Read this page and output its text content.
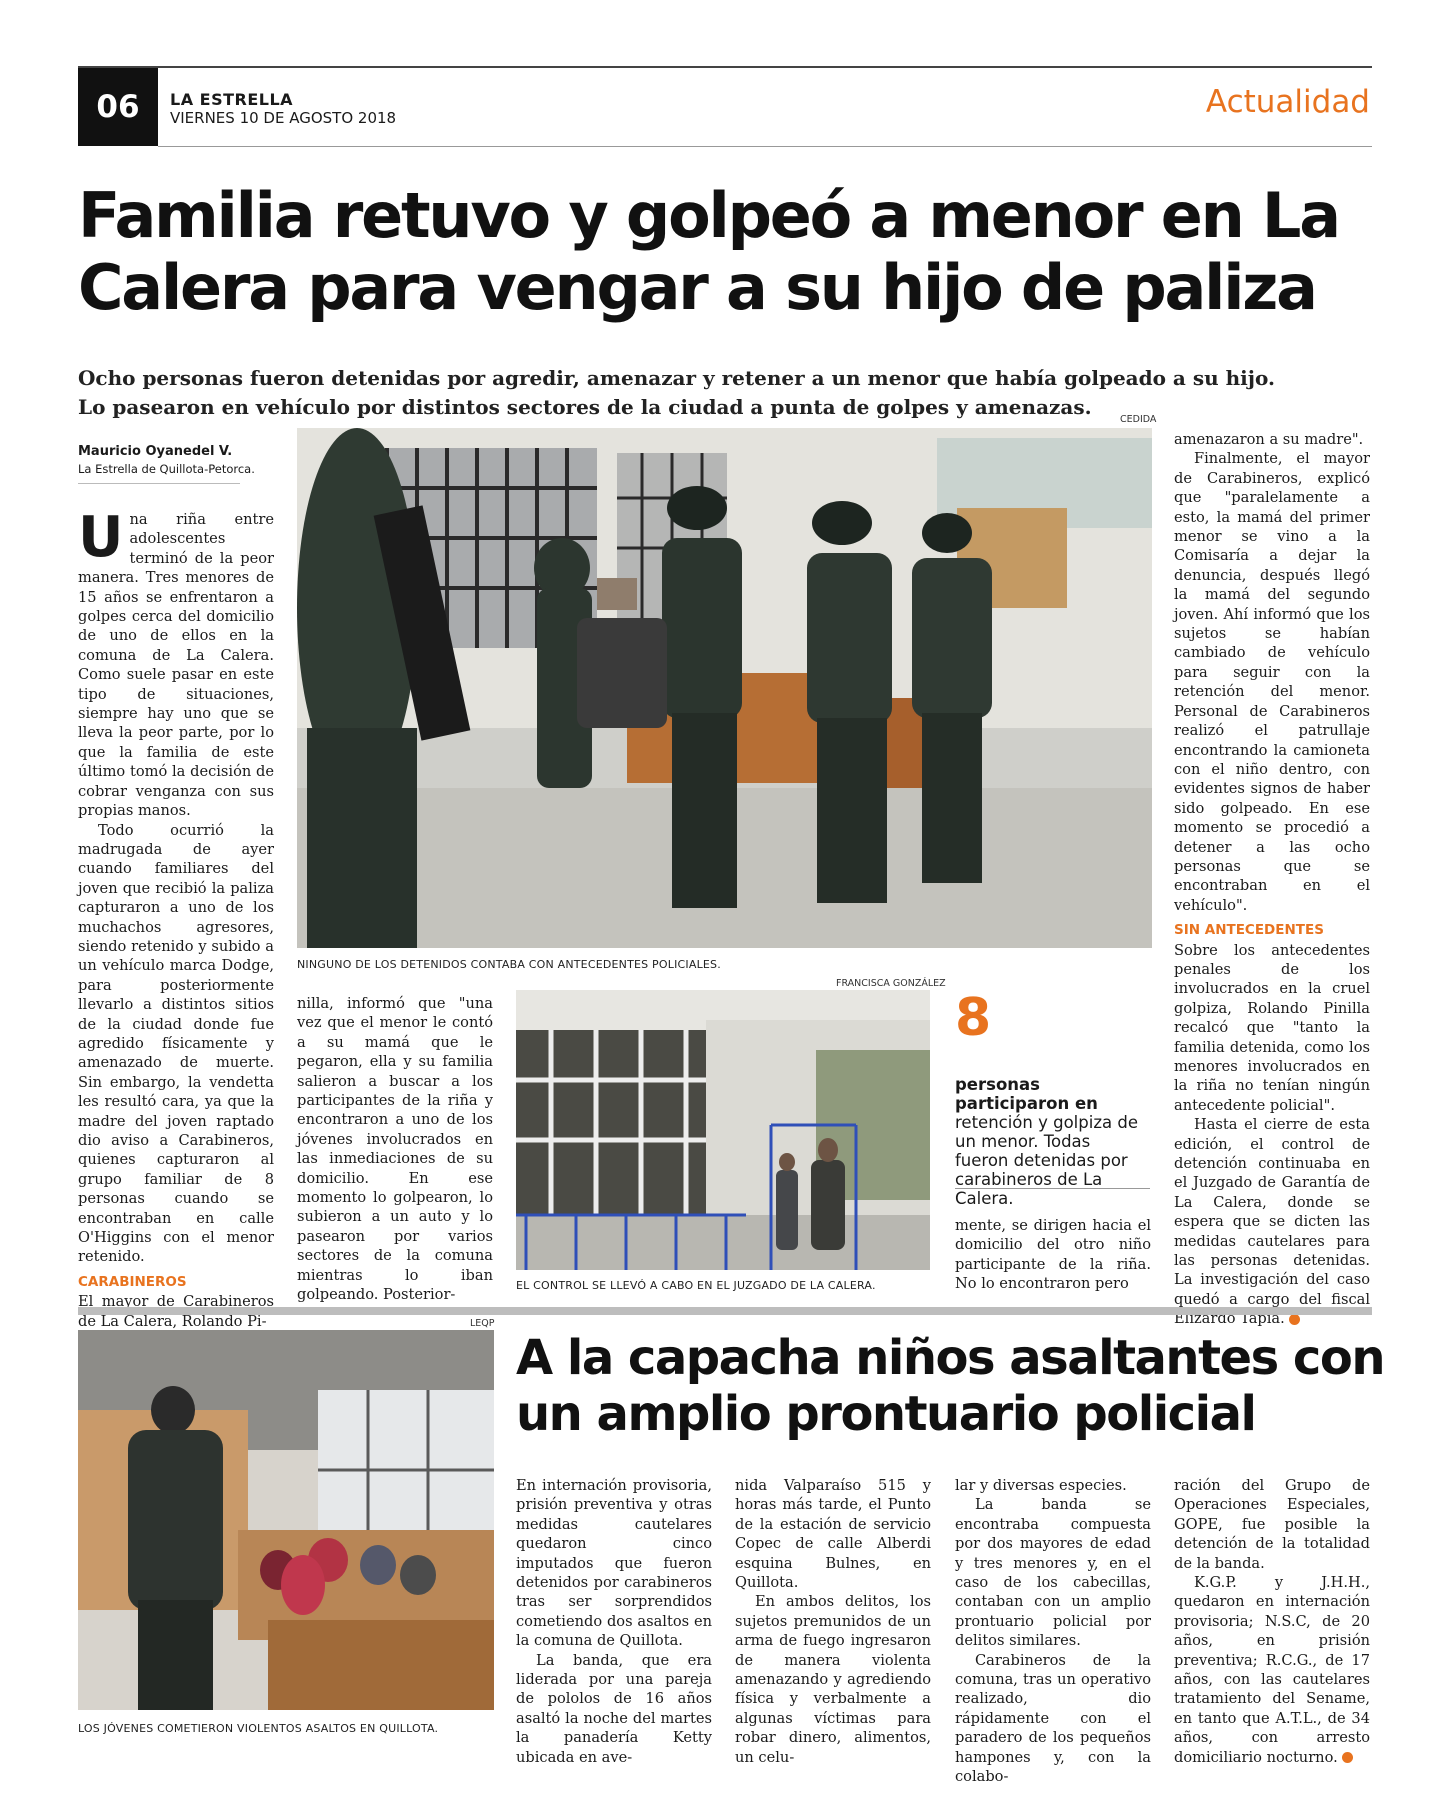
06	LA ESTRELLA
VIERNES 10 DE AGOSTO 2018	Actualidad
Familia retuvo y golpeó a menor en La Calera para vengar a su hijo de paliza
Ocho personas fueron detenidas por agredir, amenazar y retener a un menor que había golpeado a su hijo.
Lo pasearon en vehículo por distintos sectores de la ciudad a punta de golpes y amenazas.
Mauricio Oyanedel V.
La Estrella de Quillota-Petorca.

Una riña entre adolescentes terminó de la peor manera. Tres menores de 15 años se enfrentaron a golpes cerca del domicilio de uno de ellos en la comuna de La Calera. Como suele pasar en este tipo de situaciones, siempre hay uno que se lleva la peor parte, por lo que la familia de este último tomó la decisión de cobrar venganza con sus propias manos.

Todo ocurrió la madrugada de ayer cuando familiares del joven que recibió la paliza capturaron a uno de los muchachos agresores, siendo retenido y subido a un vehículo marca Dodge, para posteriormente llevarlo a distintos sitios de la ciudad donde fue agredido físicamente y amenazado de muerte. Sin embargo, la vendetta les resultó cara, ya que la madre del joven raptado dio aviso a Carabineros, quienes capturaron al grupo familiar de 8 personas cuando se encontraban en calle O'Higgins con el menor retenido.

CARABINEROS

El mayor de Carabineros de La Calera, Rolando Pi-

CEDIDA
NINGUNO DE LOS DETENIDOS CONTABA CON ANTECEDENTES POLICIALES.

nilla, informó que "una vez que el menor le contó a su mamá que le pegaron, ella y su familia salieron a buscar a los participantes de la riña y encontraron a uno de los jóvenes involucrados en las inmediaciones de su domicilio. En ese momento lo golpearon, lo subieron a un auto y lo pasearon por varios sectores de la comuna mientras lo iban golpeando. Posterior-

FRANCISCA GONZÁLEZ
EL CONTROL SE LLEVÓ A CABO EN EL JUZGADO DE LA CALERA.
8
personas participaron en retención y golpiza de un menor. Todas fueron detenidas por carabineros de La Calera.

mente, se dirigen hacia el domicilio del otro niño participante de la riña. No lo encontraron pero

amenazaron a su madre".

Finalmente, el mayor de Carabineros, explicó que "paralelamente a esto, la mamá del primer menor se vino a la Comisaría a dejar la denuncia, después llegó la mamá del segundo joven. Ahí informó que los sujetos se habían cambiado de vehículo para seguir con la retención del menor. Personal de Carabineros realizó el patrullaje encontrando la camioneta con el niño dentro, con evidentes signos de haber sido golpeado. En ese momento se procedió a detener a las ocho personas que se encontraban en el vehículo".

SIN ANTECEDENTES

Sobre los antecedentes penales de los involucrados en la cruel golpiza, Rolando Pinilla recalcó que "tanto la familia detenida, como los menores involucrados en la riña no tenían ningún antecedente policial".

Hasta el cierre de esta edición, el control de detención continuaba en el Juzgado de Garantía de La Calera, donde se espera que se dicten las medidas cautelares para las personas detenidas. La investigación del caso quedó a cargo del fiscal Elizardo Tapia.

LEQP
LOS JÓVENES COMETIERON VIOLENTOS ASALTOS EN QUILLOTA.
A la capacha niños asaltantes con un amplio prontuario policial

En internación provisoria, prisión preventiva y otras medidas cautelares quedaron cinco imputados que fueron detenidos por carabineros tras ser sorprendidos cometiendo dos asaltos en la comuna de Quillota.

La banda, que era liderada por una pareja de pololos de 16 años asaltó la noche del martes la panadería Ketty ubicada en ave-

nida Valparaíso 515 y horas más tarde, el Punto de la estación de servicio Copec de calle Alberdi esquina Bulnes, en Quillota.

En ambos delitos, los sujetos premunidos de un arma de fuego ingresaron de manera violenta amenazando y agrediendo física y verbalmente a algunas víctimas para robar dinero, alimentos, un celu-

lar y diversas especies.

La banda se encontraba compuesta por dos mayores de edad y tres menores y, en el caso de los cabecillas, contaban con un amplio prontuario policial por delitos similares.

Carabineros de la comuna, tras un operativo realizado, dio rápidamente con el paradero de los pequeños hampones y, con la colabo-

ración del Grupo de Operaciones Especiales, GOPE, fue posible la detención de la totalidad de la banda.

K.G.P. y J.H.H., quedaron en internación provisoria; N.S.C, de 20 años, en prisión preventiva; R.C.G., de 17 años, con las cautelares tratamiento del Sename, en tanto que A.T.L., de 34 años, con arresto domiciliario nocturno.
